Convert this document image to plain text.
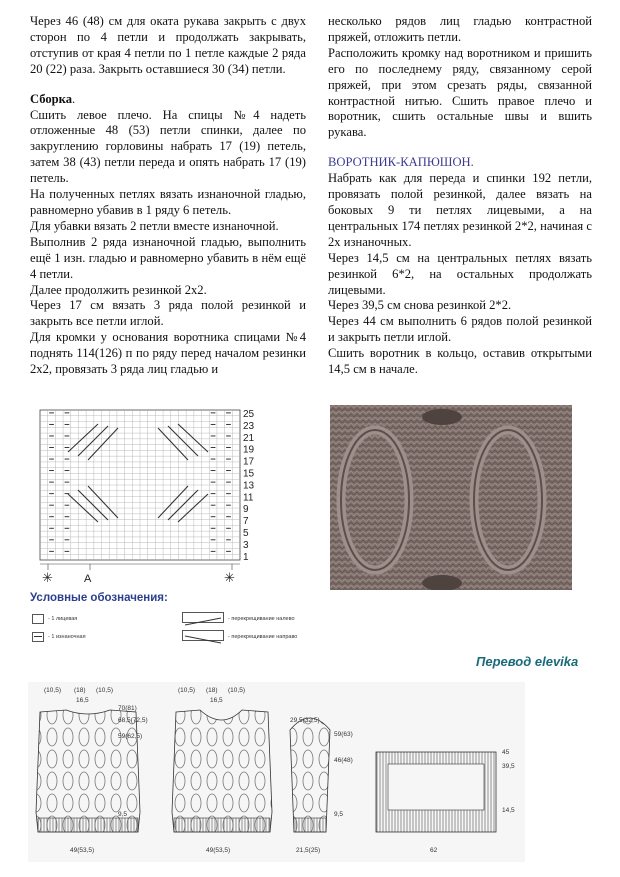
Через 46 (48) см для оката рукава закрыть с двух сторон по 4 петли и продолжать закрывать, отступив от края 4 петли по 1 петле каждые 2 ряда 20 (22) раза. Закрыть оставшиеся 30 (34) петли.

Сборка.

Сшить левое плечо. На спицы №4 надеть отложенные 48 (53) петли спинки, далее по закруглению горловины набрать 17 (19) петель, затем 38 (43) петли переда и опять набрать 17 (19) петель.

На полученных петлях вязать изнаночной гладью, равномерно убавив в 1 ряду 6 петель.

Для убавки вязать 2 петли вместе изнаночной.

Выполнив 2 ряда изнаночной гладью, выполнить ещё 1 изн. гладью и равномерно убавить в нём ещё 4 петли.

Далее продолжить резинкой 2х2.

Через 17 см вязать 3 ряда полой резинкой и закрыть все петли иглой.

Для кромки у основания воротника спицами №4 поднять 114(126) п по ряду перед началом резинки 2х2, провязать 3 ряда лиц гладью и

несколько рядов лиц гладью контрастной пряжей, отложить петли.

Расположить кромку над воротником и пришить его по последнему ряду, связанному серой пряжей, при этом срезать ряды, связанной контрастной нитью. Сшить правое плечо и воротник, сшить остальные швы и вшить рукава.

ВОРОТНИК-КАПЮШОН.

Набрать как для переда и спинки 192 петли, провязать полой резинкой, далее вязать на боковых 9 ти петлях лицевыми, а на центральных 174 петлях резинкой 2*2, начиная с 2х изнаночных.

Через 14,5 см на центральных петлях вязать резинкой 6*2, на остальных продолжать лицевыми.

Через 39,5 см снова резинкой 2*2.

Через 44 см выполнить 6 рядов полой резинкой и закрыть петли иглой.

Сшить воротник в кольцо, оставив открытыми 14,5 см в начале.

25
23
21
19
17
15
13
11
9
7
5
3
1
✳	A	✳
Условные обозначения:
- 1 лицевая
- 1 изнаночная
- перекрещивание налево
- перекрещивание направо
Перевод elevika
(10,5) (18) (10,5)
16,5
70(81)
68,5(72,5)
59(62,5)
9,5
49(53,5)
(10,5) (18) (10,5)
16,5
49(53,5)
29,5(32,5)
59(63)
46(48)
9,5
21,5(25)
45
39,5
14,5
62
